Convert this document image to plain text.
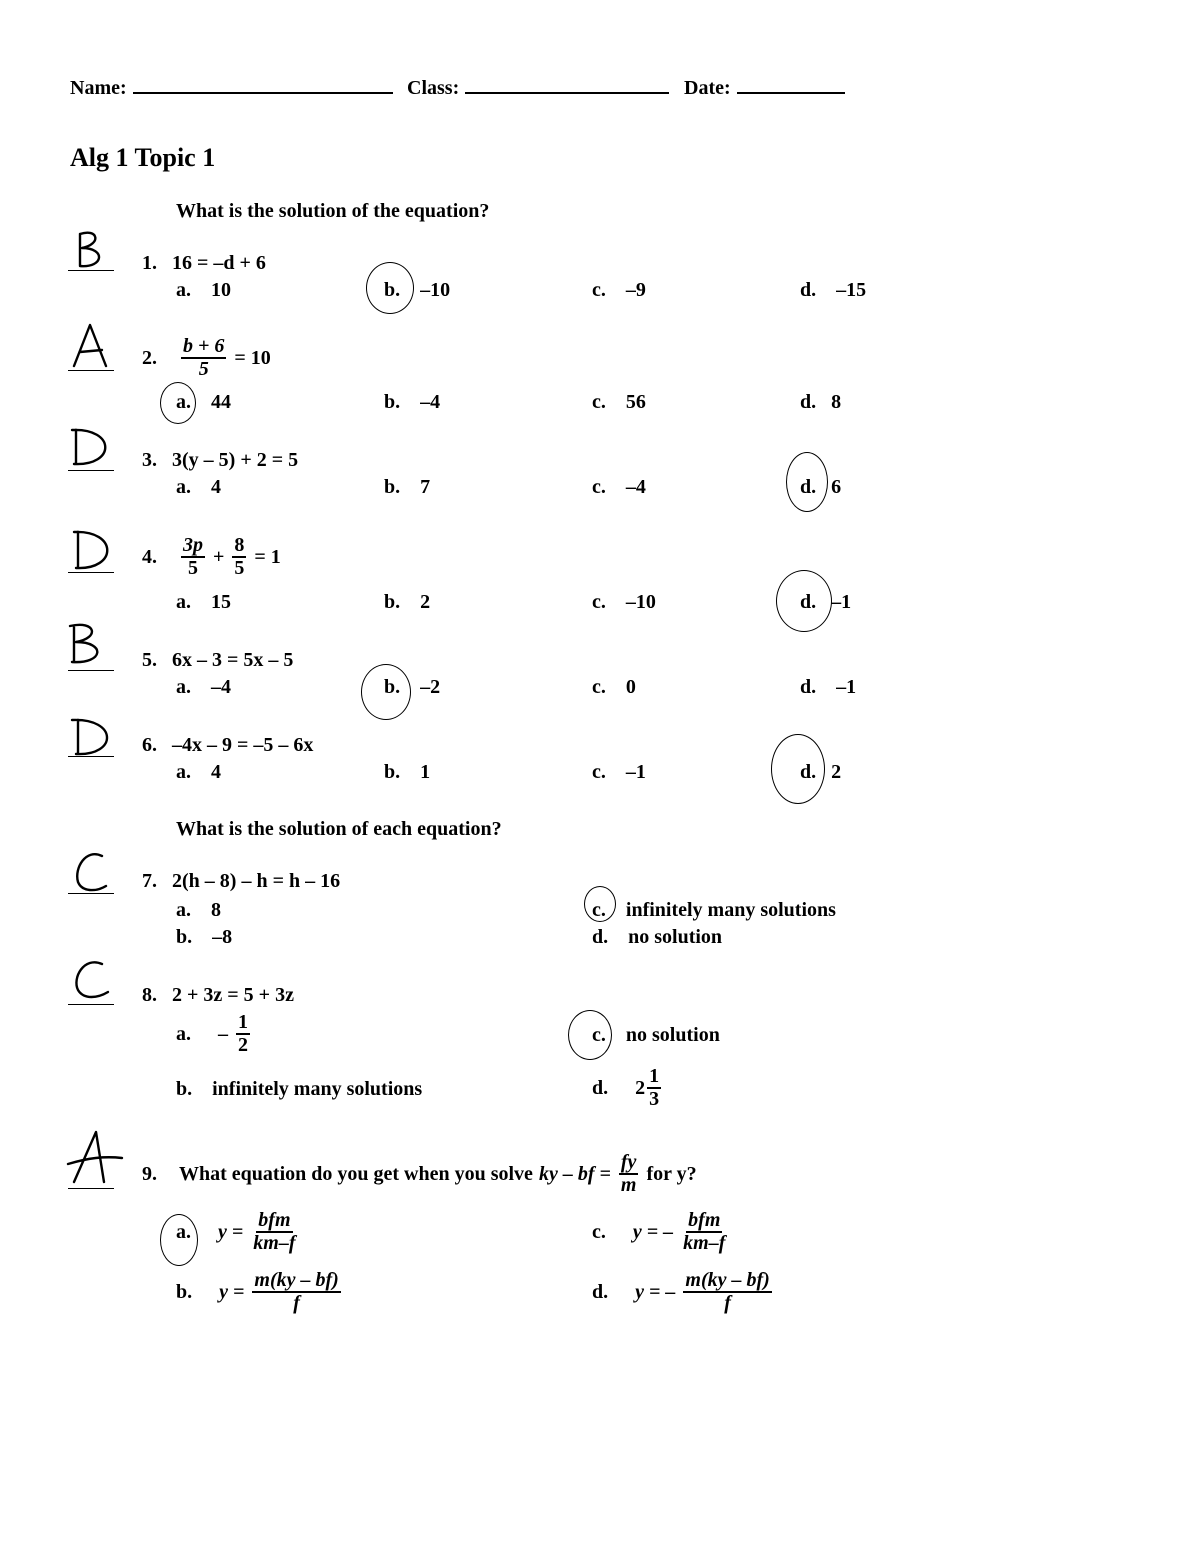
Name:	Class:	Date:
Alg 1 Topic 1
What is the solution of the equation?
1. 16 = –d + 6
a. 10	b. –10	c. –9	d. –15
2.
$\frac{b + 6}{5} = 10$
a. 44	b. –4	c. 56	d. 8
3. 3(y – 5) + 2 = 5
a. 4	b. 7	c. –4	d. 6
4.
$\frac{3p}{5} + \frac{8}{5} = 1$
a. 15	b. 2	c. –10	d. –1
5. 6x – 3 = 5x – 5
a. –4	b. –2	c. 0	d. –1
6. –4x – 9 = –5 – 6x
a. 4	b. 1	c. –1	d. 2
What is the solution of each equation?
7. 2(h – 8) – h = h – 16
a. 8
b. –8
c. infinitely many solutions
d. no solution
8. 2 + 3z = 5 + 3z
a.
– $\frac{1}{2}$
b. infinitely many solutions
c. no solution
d.
$2 \frac{1}{3}$
9.
What equation do you get when you solve ky – bf = $\frac{fy}{m}$ for y?
a.
$y = \frac{\text{bfm}}{km-f}$
b.
$y = \frac{m(ky - bf)}{f}$
c.
y = – $\frac{\text{bfm}}{km-f}$
d.
y = – $\frac{m(ky - bf)}{f}$
